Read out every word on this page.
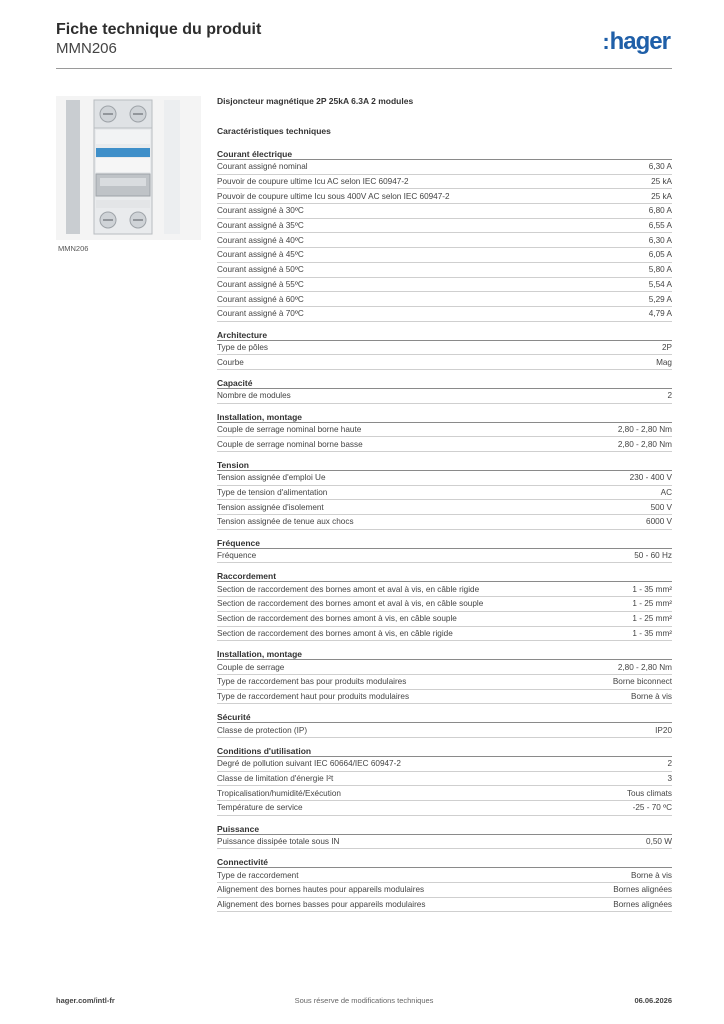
Fiche technique du produit
MMN206	:hager
MMN206
Disjoncteur magnétique 2P 25kA 6.3A 2 modules
Caractéristiques techniques
Courant électrique
Courant assigné nominal	6,30 A
Pouvoir de coupure ultime Icu AC selon IEC 60947-2	25 kA
Pouvoir de coupure ultime Icu sous 400V AC selon IEC 60947-2	25 kA
Courant assigné à 30ºC	6,80 A
Courant assigné à 35ºC	6,55 A
Courant assigné à 40ºC	6,30 A
Courant assigné à 45ºC	6,05 A
Courant assigné à 50ºC	5,80 A
Courant assigné à 55ºC	5,54 A
Courant assigné à 60ºC	5,29 A
Courant assigné à 70ºC	4,79 A
Architecture
Type de pôles	2P
Courbe	Mag
Capacité
Nombre de modules	2
Installation, montage
Couple de serrage nominal borne haute	2,80 - 2,80 Nm
Couple de serrage nominal borne basse	2,80 - 2,80 Nm
Tension
Tension assignée d'emploi Ue	230 - 400 V
Type de tension d'alimentation	AC
Tension assignée d'isolement	500 V
Tension assignée de tenue aux chocs	6000 V
Fréquence
Fréquence	50 - 60 Hz
Raccordement
Section de raccordement des bornes amont et aval à vis, en câble rigide	1 - 35 mm²
Section de raccordement des bornes amont et aval à vis, en câble souple	1 - 25 mm²
Section de raccordement des bornes amont à vis, en câble souple	1 - 25 mm²
Section de raccordement des bornes amont à vis, en câble rigide	1 - 35 mm²
Installation, montage
Couple de serrage	2,80 - 2,80 Nm
Type de raccordement bas pour produits modulaires	Borne biconnect
Type de raccordement haut pour produits modulaires	Borne à vis
Sécurité
Classe de protection (IP)	IP20
Conditions d'utilisation
Degré de pollution suivant IEC 60664/IEC 60947-2	2
Classe de limitation d'énergie I²t	3
Tropicalisation/humidité/Exécution	Tous climats
Température de service	-25 - 70 ºC
Puissance
Puissance dissipée totale sous IN	0,50 W
Connectivité
Type de raccordement	Borne à vis
Alignement des bornes hautes pour appareils modulaires	Bornes alignées
Alignement des bornes basses pour appareils modulaires	Bornes alignées
hager.com/intl-fr	Sous réserve de modifications techniques	06.06.2026
